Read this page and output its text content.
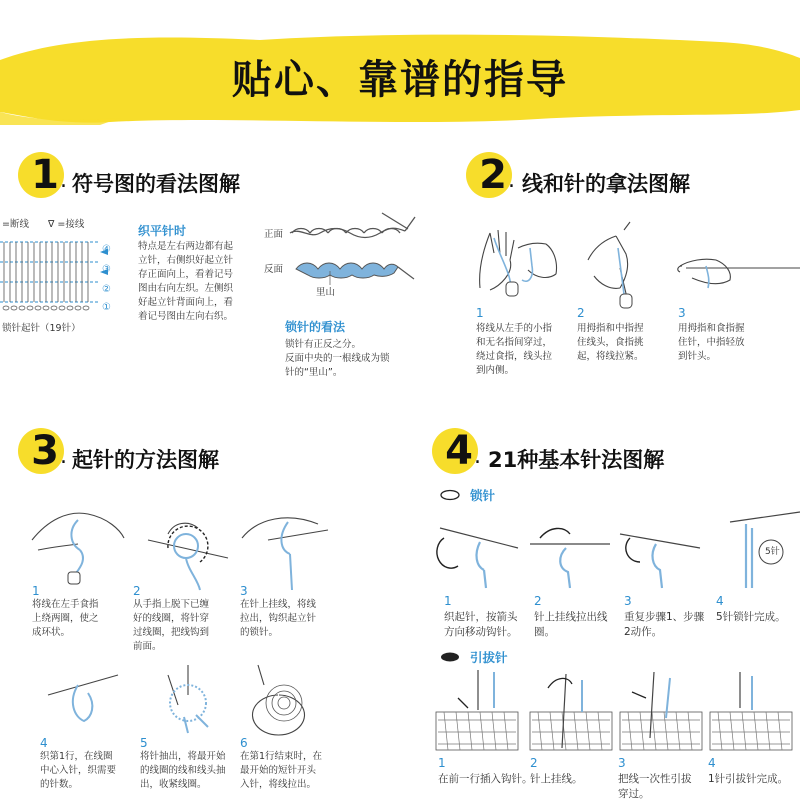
贴心、靠谱的指导
1 . 符号图的看法图解
=断线 ∇ =接线
④
③
②
①
锁针起针（19针）
织平针时
特点是左右两边都有起
立针，右侧织好起立针
存正面向上，看着记号
图由右向左织。左侧织
好起立针背面向上，看
着记号图由左向右织。
正面
反面
里山
锁针的看法
锁针有正反之分。
反面中央的一根线成为锁
针的“里山”。
2 . 线和针的拿法图解
1
将线从左手的小指
和无名指间穿过，
绕过食指，线头拉
到内侧。
2
用拇指和中指捏
住线头，食指挑
起，将线拉紧。
3
用拇指和食指握
住针，中指轻放
到针头。
3 . 起针的方法图解
1
将线在左手食指
上绕两圈，使之
成环状。
2
从手指上脱下已缠
好的线圈，将针穿
过线圈，把线钩到
前面。
3
在针上挂线，将线
拉出，钩织起立针
的锁针。
4
织第1行，在线圈
中心入针，织需要
的针数。
5
将针抽出，将最开始
的线圈的线和线头抽
出，收紧线圈。
6
在第1行结束时，在
最开始的短针开头
入针，将线拉出。
4 . 21种基本针法图解
锁针
5针
1
织起针，按箭头
方向移动钩针。
2
针上挂线拉出线圈。
3
重复步骤1、步骤
2动作。
4
5针锁针完成。
引拔针
1
在前一行插入钩针。
2
针上挂线。
3
把线一次性引拔
穿过。
4
1针引拔针完成。
